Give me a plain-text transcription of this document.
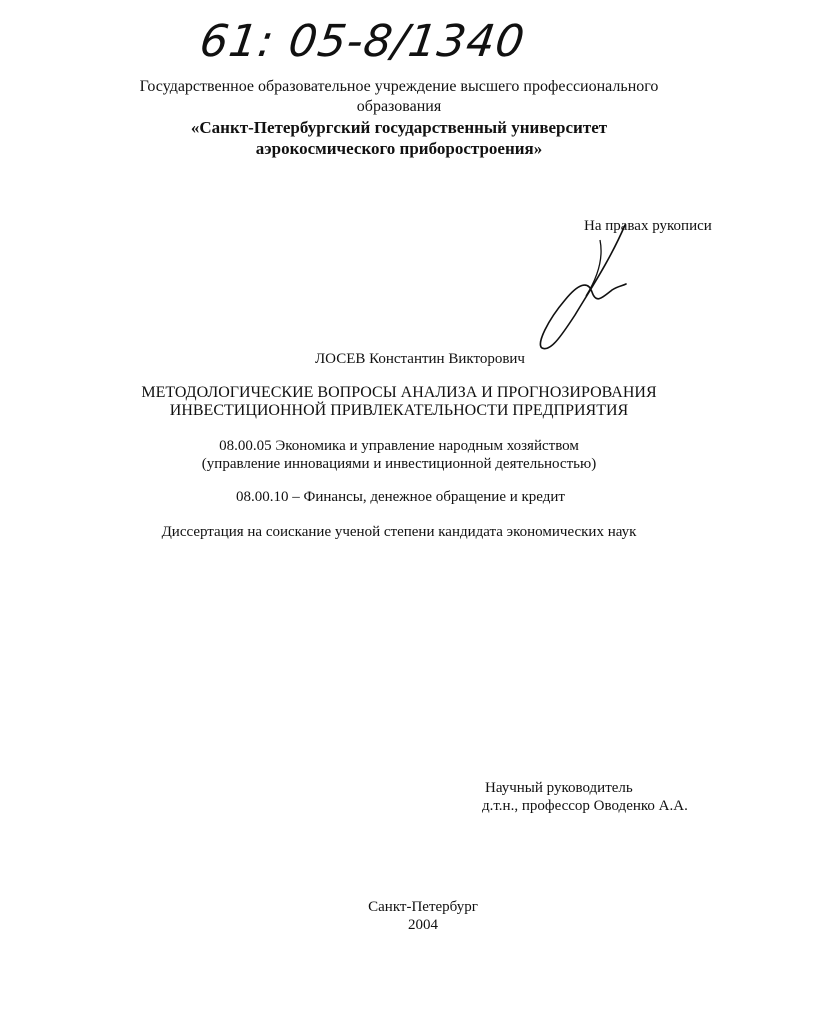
61: 05-8/1340
Государственное образовательное учреждение высшего профессионального
образования
«Санкт-Петербургский государственный университет
аэрокосмического приборостроения»
На правах рукописи
ЛОСЕВ Константин Викторович
МЕТОДОЛОГИЧЕСКИЕ ВОПРОСЫ АНАЛИЗА И ПРОГНОЗИРОВАНИЯ
ИНВЕСТИЦИОННОЙ ПРИВЛЕКАТЕЛЬНОСТИ ПРЕДПРИЯТИЯ
08.00.05 Экономика и управление народным хозяйством
(управление инновациями и инвестиционной деятельностью)
08.00.10 – Финансы, денежное обращение и кредит
Диссертация на соискание ученой степени кандидата экономических наук
Научный руководитель
д.т.н., профессор Оводенко А.А.
Санкт-Петербург
2004
